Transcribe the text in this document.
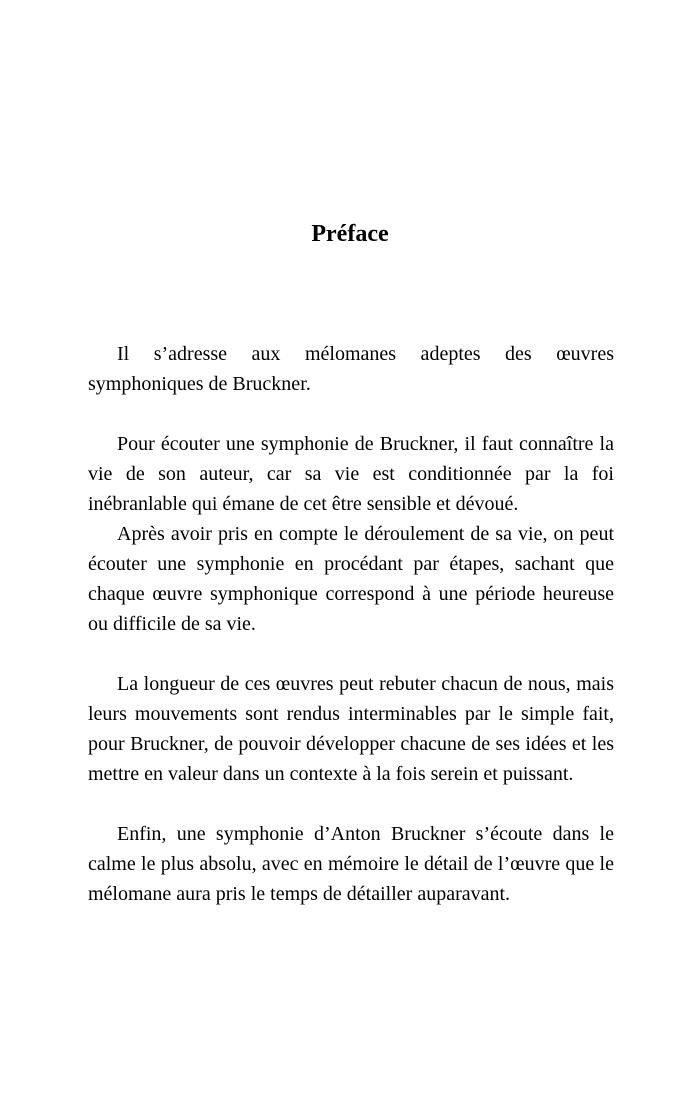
Préface

Il s’adresse aux mélomanes adeptes des œuvres symphoniques de Bruckner.

Pour écouter une symphonie de Bruckner, il faut connaître la vie de son auteur, car sa vie est conditionnée par la foi inébranlable qui émane de cet être sensible et dévoué.

Après avoir pris en compte le déroulement de sa vie, on peut écouter une symphonie en procédant par étapes, sachant que chaque œuvre symphonique correspond à une période heureuse ou difficile de sa vie.

La longueur de ces œuvres peut rebuter chacun de nous, mais leurs mouvements sont rendus interminables par le simple fait, pour Bruckner, de pouvoir développer chacune de ses idées et les mettre en valeur dans un contexte à la fois serein et puissant.

Enfin, une symphonie d’Anton Bruckner s’écoute dans le calme le plus absolu, avec en mémoire le détail de l’œuvre que le mélomane aura pris le temps de détailler auparavant.
